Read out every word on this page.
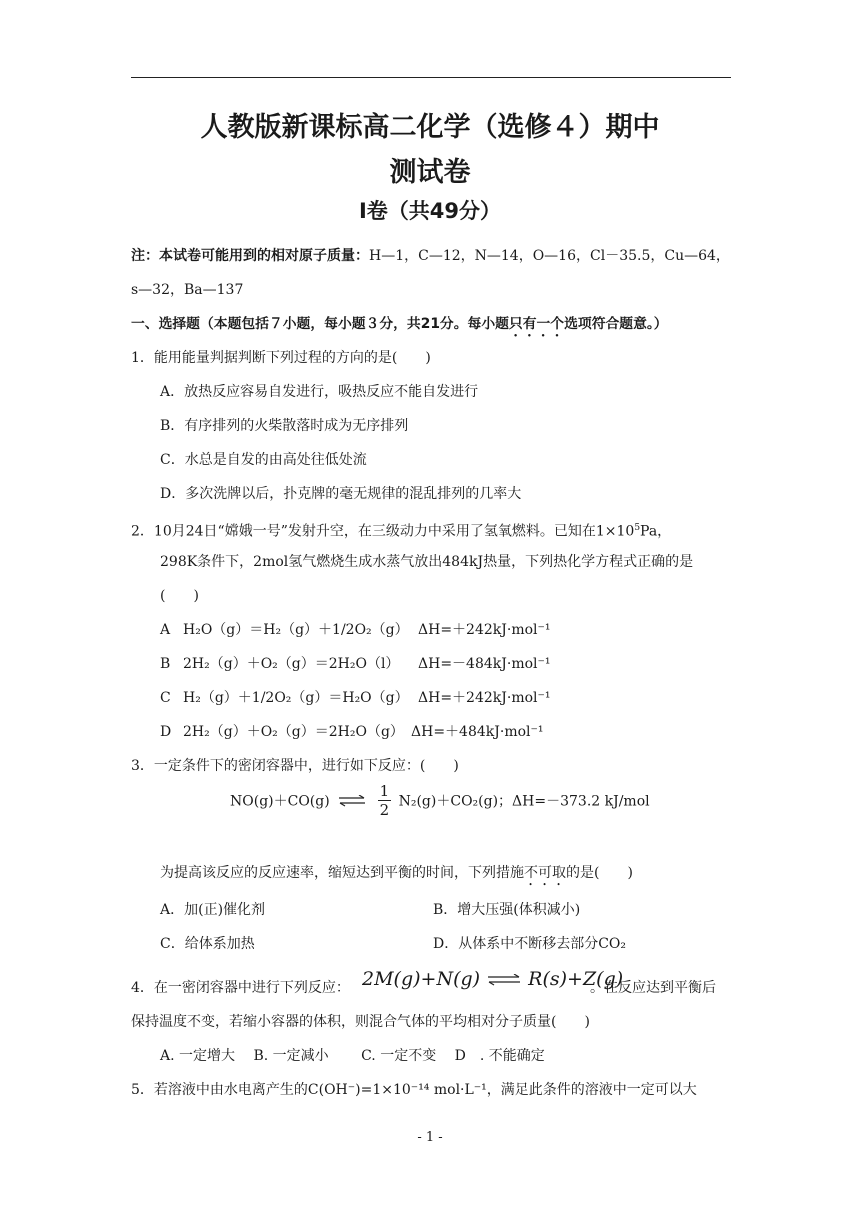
人教版新课标高二化学（选修４）期中
测试卷
Ⅰ卷（共49分）
注：本试卷可能用到的相对原子质量：H—1，C—12，N—14，O—16，Cl－35.5，Cu—64，
s—32，Ba—137
一、选择题（本题包括７小题，每小题３分，共21分。每小题只有一个选项符合题意。）
1．能用能量判据判断下列过程的方向的是(　　)
A．放热反应容易自发进行，吸热反应不能自发进行
B．有序排列的火柴散落时成为无序排列
C．水总是自发的由高处往低处流
D．多次洗牌以后，扑克牌的毫无规律的混乱排列的几率大
2．10月24日“嫦娥一号”发射升空，在三级动力中采用了氢氧燃料。已知在$1\times 10^5Pa$，
298K条件下，2mol氢气燃烧生成水蒸气放出484kJ热量，下列热化学方程式正确的是
(　　)
A H₂O（g）＝H₂（g）＋1/2O₂（g） ΔH=＋242kJ·mol⁻¹
B 2H₂（g）＋O₂（g）＝2H₂O（l） ΔH=－484kJ·mol⁻¹
C H₂（g）＋1/2O₂（g）＝H₂O（g） ΔH=＋242kJ·mol⁻¹
D 2H₂（g）＋O₂（g）＝2H₂O（g） ΔH=＋484kJ·mol⁻¹
3．一定条件下的密闭容器中，进行如下反应：(　　)
NO(g)＋CO(g) ⇌ $\frac{1}{2} N_2(g)+CO_2(g)$；ΔH=－373.2 kJ/mol
为提高该反应的反应速率，缩短达到平衡的时间，下列措施不可取的是(　　)
A．加(正)催化剂	B．增大压强(体积减小)
C．给体系加热	D．从体系中不断移去部分CO₂
4．在一密闭容器中进行下列反应： 2M(g)+N(g) ⇌ R(s)+Z(g)
。在反应达到平衡后
保持温度不变，若缩小容器的体积，则混合气体的平均相对分子质量(　　)
A. 一定增大　 B. 一定减小　　 C. 一定不变　 D　. 不能确定
5．若溶液中由水电离产生的C(OH⁻)=1×10⁻¹⁴ mol·L⁻¹，满足此条件的溶液中一定可以大
- 1 -
